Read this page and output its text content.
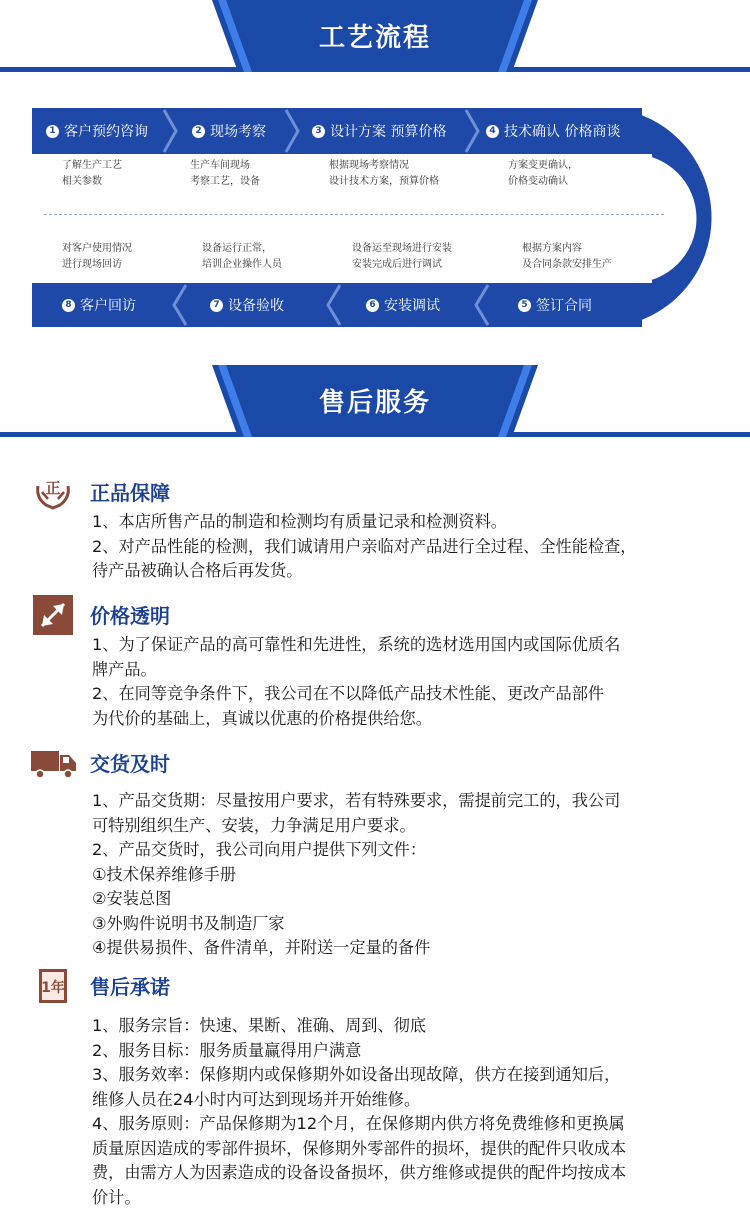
工艺流程
1 客户预约咨询	2 现场考察	3 设计方案 预算价格	4 技术确认 价格商谈
了解生产工艺
相关参数
生产车间现场
考察工艺，设备
根据现场考察情况
设计技术方案，预算价格
方案变更确认，
价格变动确认
对客户使用情况
进行现场回访
设备运行正常，
培训企业操作人员
设备运至现场进行安装
安装完成后进行调试
根据方案内容
及合同条款安排生产
8 客户回访	7 设备验收	6 安装调试	5 签订合同
售后服务
正 正品保障

1、本店所售产品的制造和检测均有质量记录和检测资料。

2、对产品性能的检测，我们诚请用户亲临对产品进行全过程、全性能检查，

待产品被确认合格后再发货。

价格透明

1、为了保证产品的高可靠性和先进性，系统的选材选用国内或国际优质名

牌产品。

2、在同等竞争条件下，我公司在不以降低产品技术性能、更改产品部件

为代价的基础上，真诚以优惠的价格提供给您。

交货及时

1、产品交货期：尽量按用户要求，若有特殊要求，需提前完工的，我公司

可特别组织生产、安装，力争满足用户要求。

2、产品交货时，我公司向用户提供下列文件：

①技术保养维修手册

②安装总图

③外购件说明书及制造厂家

④提供易损件、备件清单，并附送一定量的备件

1年 售后承诺

1、服务宗旨：快速、果断、准确、周到、彻底

2、服务目标：服务质量赢得用户满意

3、服务效率：保修期内或保修期外如设备出现故障，供方在接到通知后，

维修人员在24小时内可达到现场并开始维修。

4、服务原则：产品保修期为12个月，在保修期内供方将免费维修和更换属

质量原因造成的零部件损坏，保修期外零部件的损坏，提供的配件只收成本

费，由需方人为因素造成的设备设备损坏，供方维修或提供的配件均按成本

价计。
